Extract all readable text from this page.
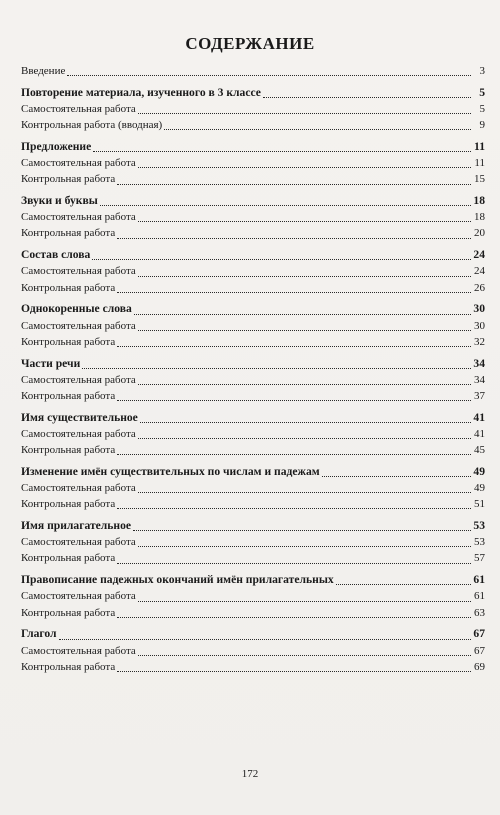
СОДЕРЖАНИЕ
Введение	3
Повторение материала, изученного в 3 классе	5
Самостоятельная работа	5
Контрольная работа (вводная)	9
Предложение	11
Самостоятельная работа	11
Контрольная работа	15
Звуки и буквы	18
Самостоятельная работа	18
Контрольная работа	20
Состав слова	24
Самостоятельная работа	24
Контрольная работа	26
Однокоренные слова	30
Самостоятельная работа	30
Контрольная работа	32
Части речи	34
Самостоятельная работа	34
Контрольная работа	37
Имя существительное	41
Самостоятельная работа	41
Контрольная работа	45
Изменение имён существительных по числам и падежам	49
Самостоятельная работа	49
Контрольная работа	51
Имя прилагательное	53
Самостоятельная работа	53
Контрольная работа	57
Правописание падежных окончаний имён прилагательных	61
Самостоятельная работа	61
Контрольная работа	63
Глагол	67
Самостоятельная работа	67
Контрольная работа	69
172
